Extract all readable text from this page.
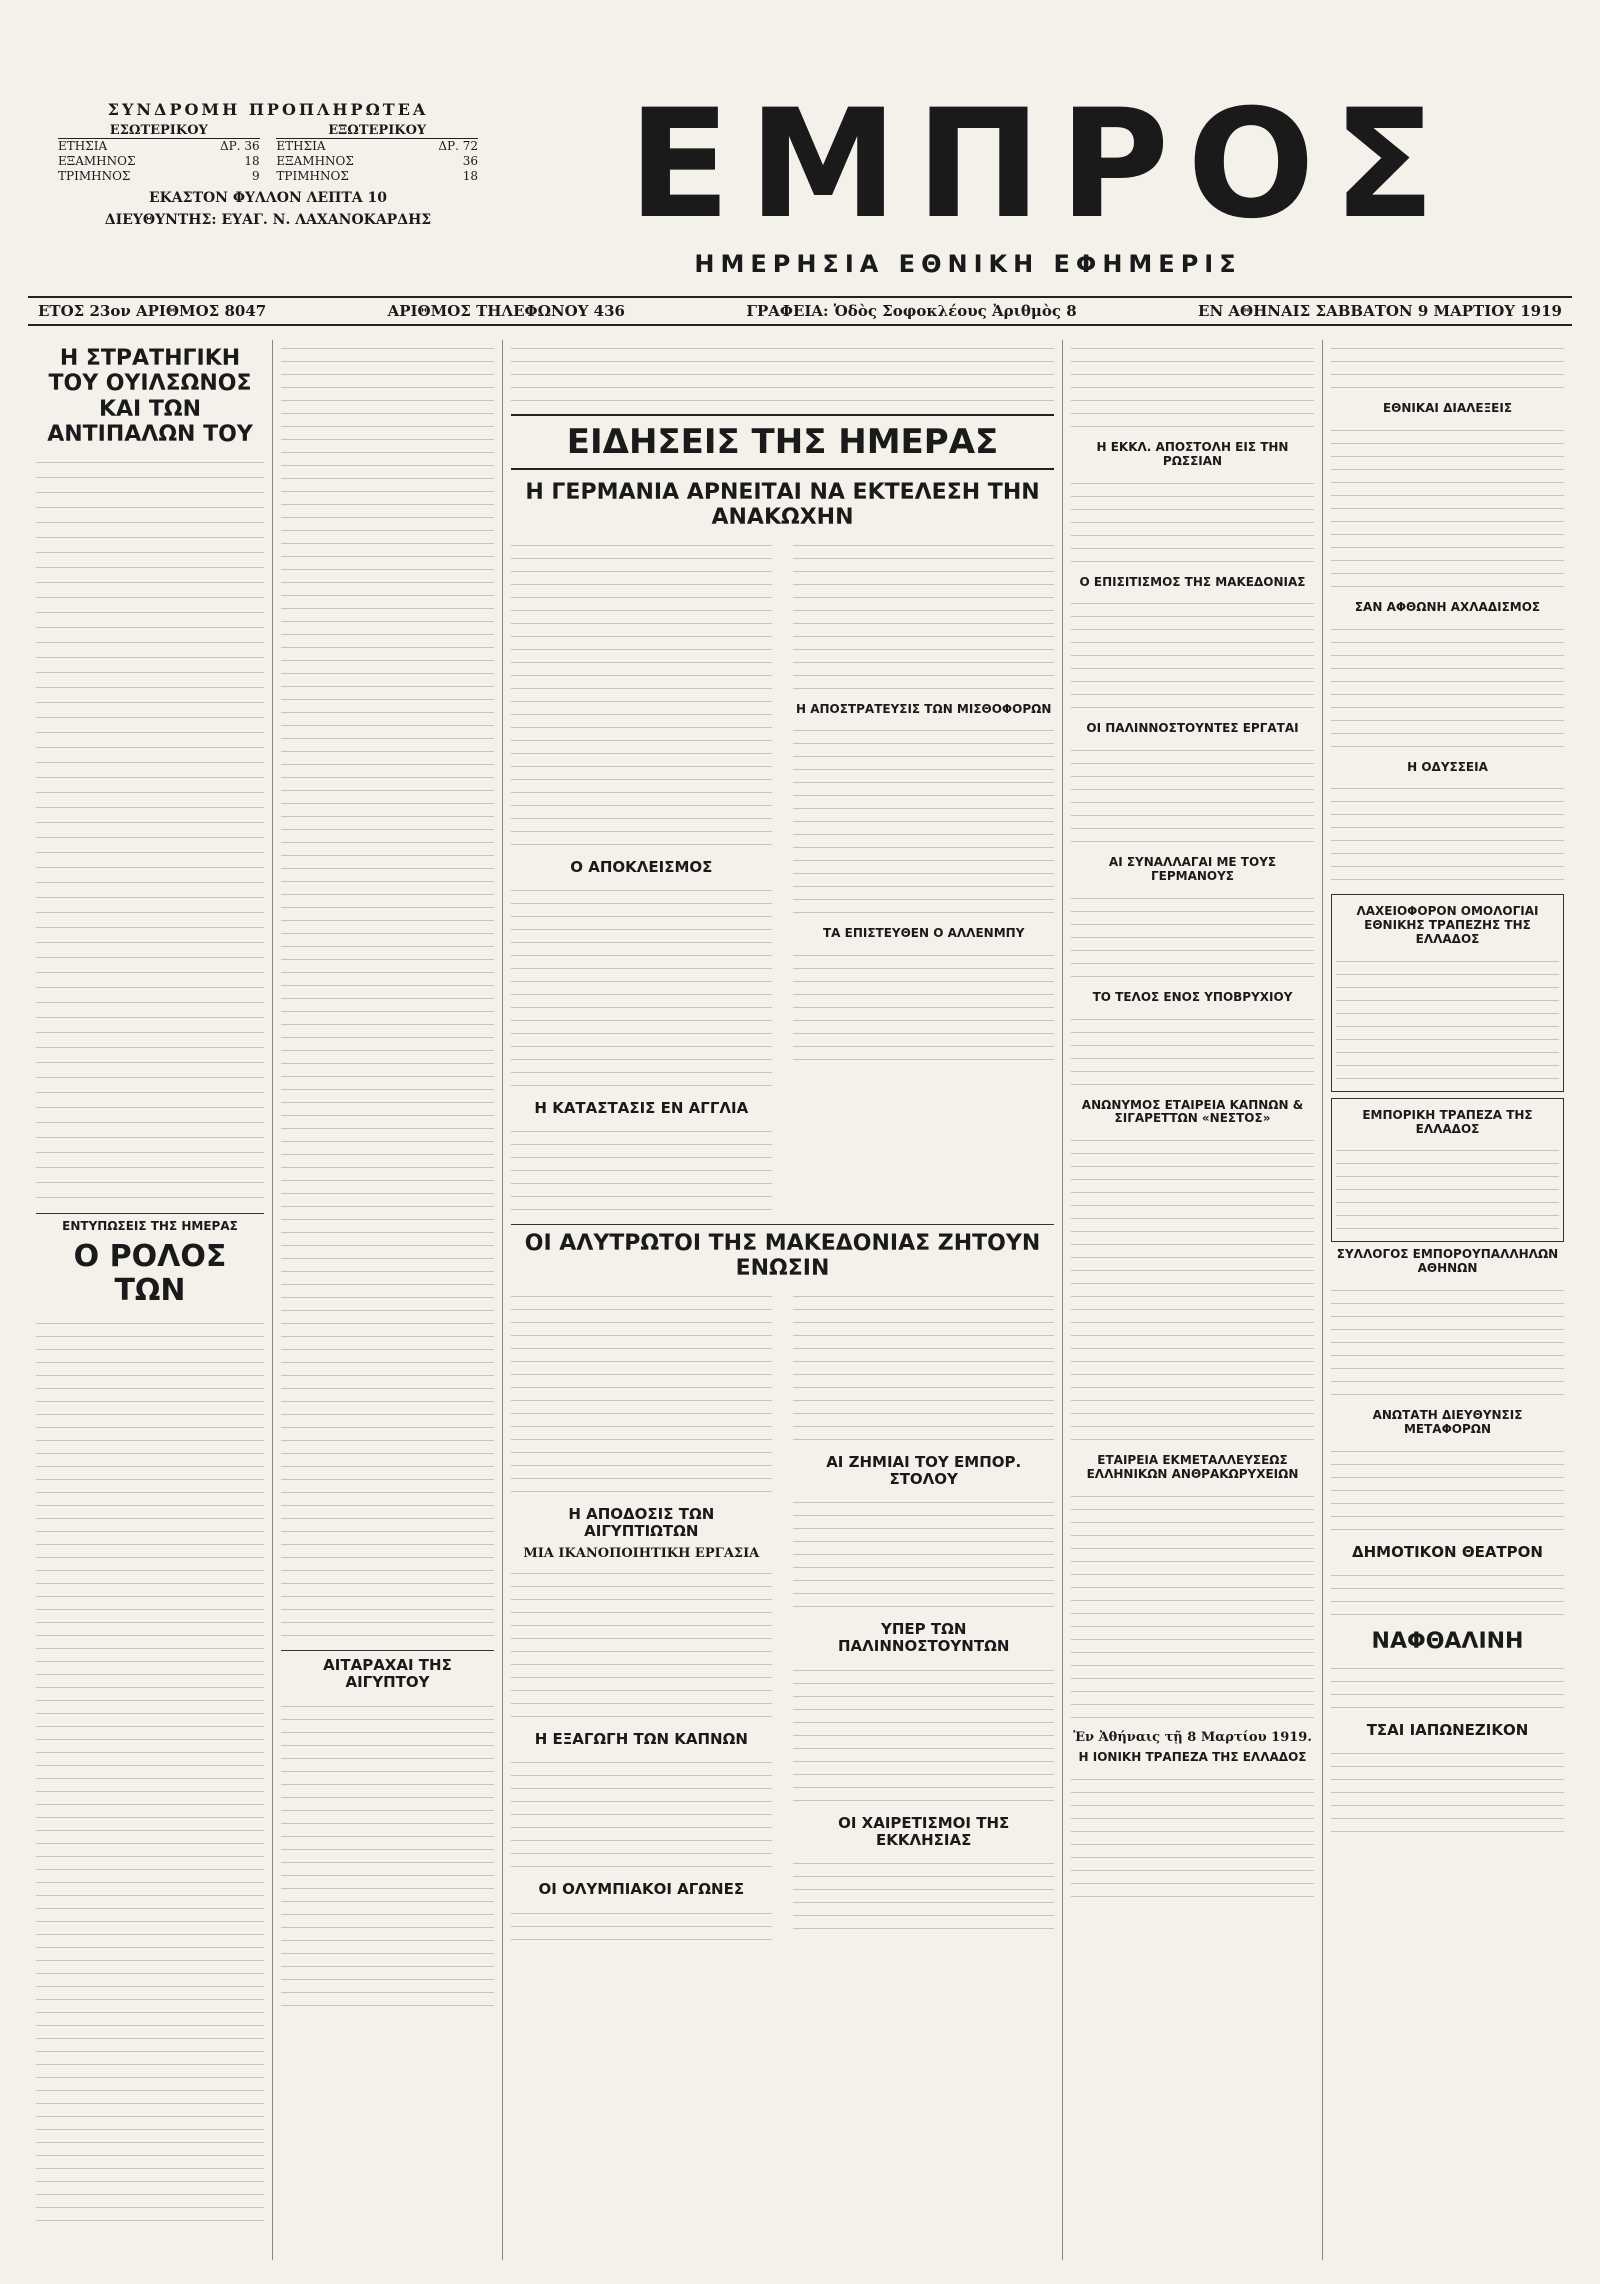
ΣΥΝΔΡΟΜΗ ΠΡΟΠΛΗΡΩΤΕΑ
ΕΣΩΤΕΡΙΚΟΥ
ΕΤΗΣΙΑ	ΔΡ. 36
ΕΞΑΜΗΝΟΣ	18
ΤΡΙΜΗΝΟΣ	9
ΕΞΩΤΕΡΙΚΟΥ
ΕΤΗΣΙΑ	ΔΡ. 72
ΕΞΑΜΗΝΟΣ	36
ΤΡΙΜΗΝΟΣ	18
ΕΚΑΣΤΟΝ ΦΥΛΛΟΝ ΛΕΠΤΑ 10
ΔΙΕΥΘΥΝΤΗΣ: ΕΥΑΓ. Ν. ΛΑΧΑΝΟΚΑΡΔΗΣ	ΕΜΠΡΟΣ
ΗΜΕΡΗΣΙΑ ΕΘΝΙΚΗ ΕΦΗΜΕΡΙΣ
ΕΤΟΣ 23ον ΑΡΙΘΜΟΣ 8047	ΑΡΙΘΜΟΣ ΤΗΛΕΦΩΝΟΥ 436	ΓΡΑΦΕΙΑ: Ὁδὸς Σοφοκλέους Ἀριθμὸς 8	ΕΝ ΑΘΗΝΑΙΣ ΣΑΒΒΑΤΟΝ 9 ΜΑΡΤΙΟΥ 1919
Η ΣΤΡΑΤΗΓΙΚΗ ΤΟΥ ΟΥΙΛΣΩΝΟΣ ΚΑΙ ΤΩΝ ΑΝΤΙΠΑΛΩΝ ΤΟΥ
ΕΝΤΥΠΩΣΕΙΣ ΤΗΣ ΗΜΕΡΑΣ
Ο ΡΟΛΟΣ ΤΩΝ
ΑΙΤΑΡΑΧΑΙ ΤΗΣ ΑΙΓΥΠΤΟΥ
ΕΙΔΗΣΕΙΣ ΤΗΣ ΗΜΕΡΑΣ
Η ΓΕΡΜΑΝΙΑ ΑΡΝΕΙΤΑΙ ΝΑ ΕΚΤΕΛΕΣΗ ΤΗΝ ΑΝΑΚΩΧΗΝ
Ο ΑΠΟΚΛΕΙΣΜΟΣ
Η ΚΑΤΑΣΤΑΣΙΣ ΕΝ ΑΓΓΛΙΑ
Η ΑΠΟΣΤΡΑΤΕΥΣΙΣ ΤΩΝ ΜΙΣΘΟΦΟΡΩΝ
ΤΑ ΕΠΙΣΤΕΥΘΕΝ Ο ΑΛΛΕΝΜΠΥ
ΟΙ ΑΛΥΤΡΩΤΟΙ ΤΗΣ ΜΑΚΕΔΟΝΙΑΣ ΖΗΤΟΥΝ ΕΝΩΣΙΝ
Η ΑΠΟΔΟΣΙΣ ΤΩΝ ΑΙΓΥΠΤΙΩΤΩΝ
ΜΙΑ ΙΚΑΝΟΠΟΙΗΤΙΚΗ ΕΡΓΑΣΙΑ
Η ΕΞΑΓΩΓΗ ΤΩΝ ΚΑΠΝΩΝ
ΟΙ ΟΛΥΜΠΙΑΚΟΙ ΑΓΩΝΕΣ
ΑΙ ΖΗΜΙΑΙ ΤΟΥ ΕΜΠΟΡ. ΣΤΟΛΟΥ
ΥΠΕΡ ΤΩΝ ΠΑΛΙΝΝΟΣΤΟΥΝΤΩΝ
ΟΙ ΧΑΙΡΕΤΙΣΜΟΙ ΤΗΣ ΕΚΚΛΗΣΙΑΣ
Η ΕΚΚΛ. ΑΠΟΣΤΟΛΗ ΕΙΣ ΤΗΝ ΡΩΣΣΙΑΝ
Ο ΕΠΙΣΙΤΙΣΜΟΣ ΤΗΣ ΜΑΚΕΔΟΝΙΑΣ
ΟΙ ΠΑΛΙΝΝΟΣΤΟΥΝΤΕΣ ΕΡΓΑΤΑΙ
ΑΙ ΣΥΝΑΛΛΑΓΑΙ ΜΕ ΤΟΥΣ ΓΕΡΜΑΝΟΥΣ
ΤΟ ΤΕΛΟΣ ΕΝΟΣ ΥΠΟΒΡΥΧΙΟΥ
ΑΝΩΝΥΜΟΣ ΕΤΑΙΡΕΙΑ ΚΑΠΝΩΝ & ΣΙΓΑΡΕΤΤΩΝ «ΝΕΣΤΟΣ»
ΕΤΑΙΡΕΙΑ ΕΚΜΕΤΑΛΛΕΥΣΕΩΣ ΕΛΛΗΝΙΚΩΝ ΑΝΘΡΑΚΩΡΥΧΕΙΩΝ
Ἐν Ἀθήναις τῇ 8 Μαρτίου 1919.
Η ΙΟΝΙΚΗ ΤΡΑΠΕΖΑ ΤΗΣ ΕΛΛΑΔΟΣ
ΕΘΝΙΚΑΙ ΔΙΑΛΕΞΕΙΣ
ΣΑΝ ΑΦΘΩΝΗ ΑΧΛΑΔΙΣΜΟΣ
Η ΟΔΥΣΣΕΙΑ
ΛΑΧΕΙΟΦΟΡΟΝ ΟΜΟΛΟΓΙΑΙ ΕΘΝΙΚΗΣ ΤΡΑΠΕΖΗΣ ΤΗΣ ΕΛΛΑΔΟΣ
ΕΜΠΟΡΙΚΗ ΤΡΑΠΕΖΑ ΤΗΣ ΕΛΛΑΔΟΣ
ΣΥΛΛΟΓΟΣ ΕΜΠΟΡΟΥΠΑΛΛΗΛΩΝ ΑΘΗΝΩΝ
ΑΝΩΤΑΤΗ ΔΙΕΥΘΥΝΣΙΣ ΜΕΤΑΦΟΡΩΝ
ΔΗΜΟΤΙΚΟΝ ΘΕΑΤΡΟΝ
ΝΑΦΘΑΛΙΝΗ
ΤΣΑΙ ΙΑΠΩΝΕΖΙΚΟΝ
